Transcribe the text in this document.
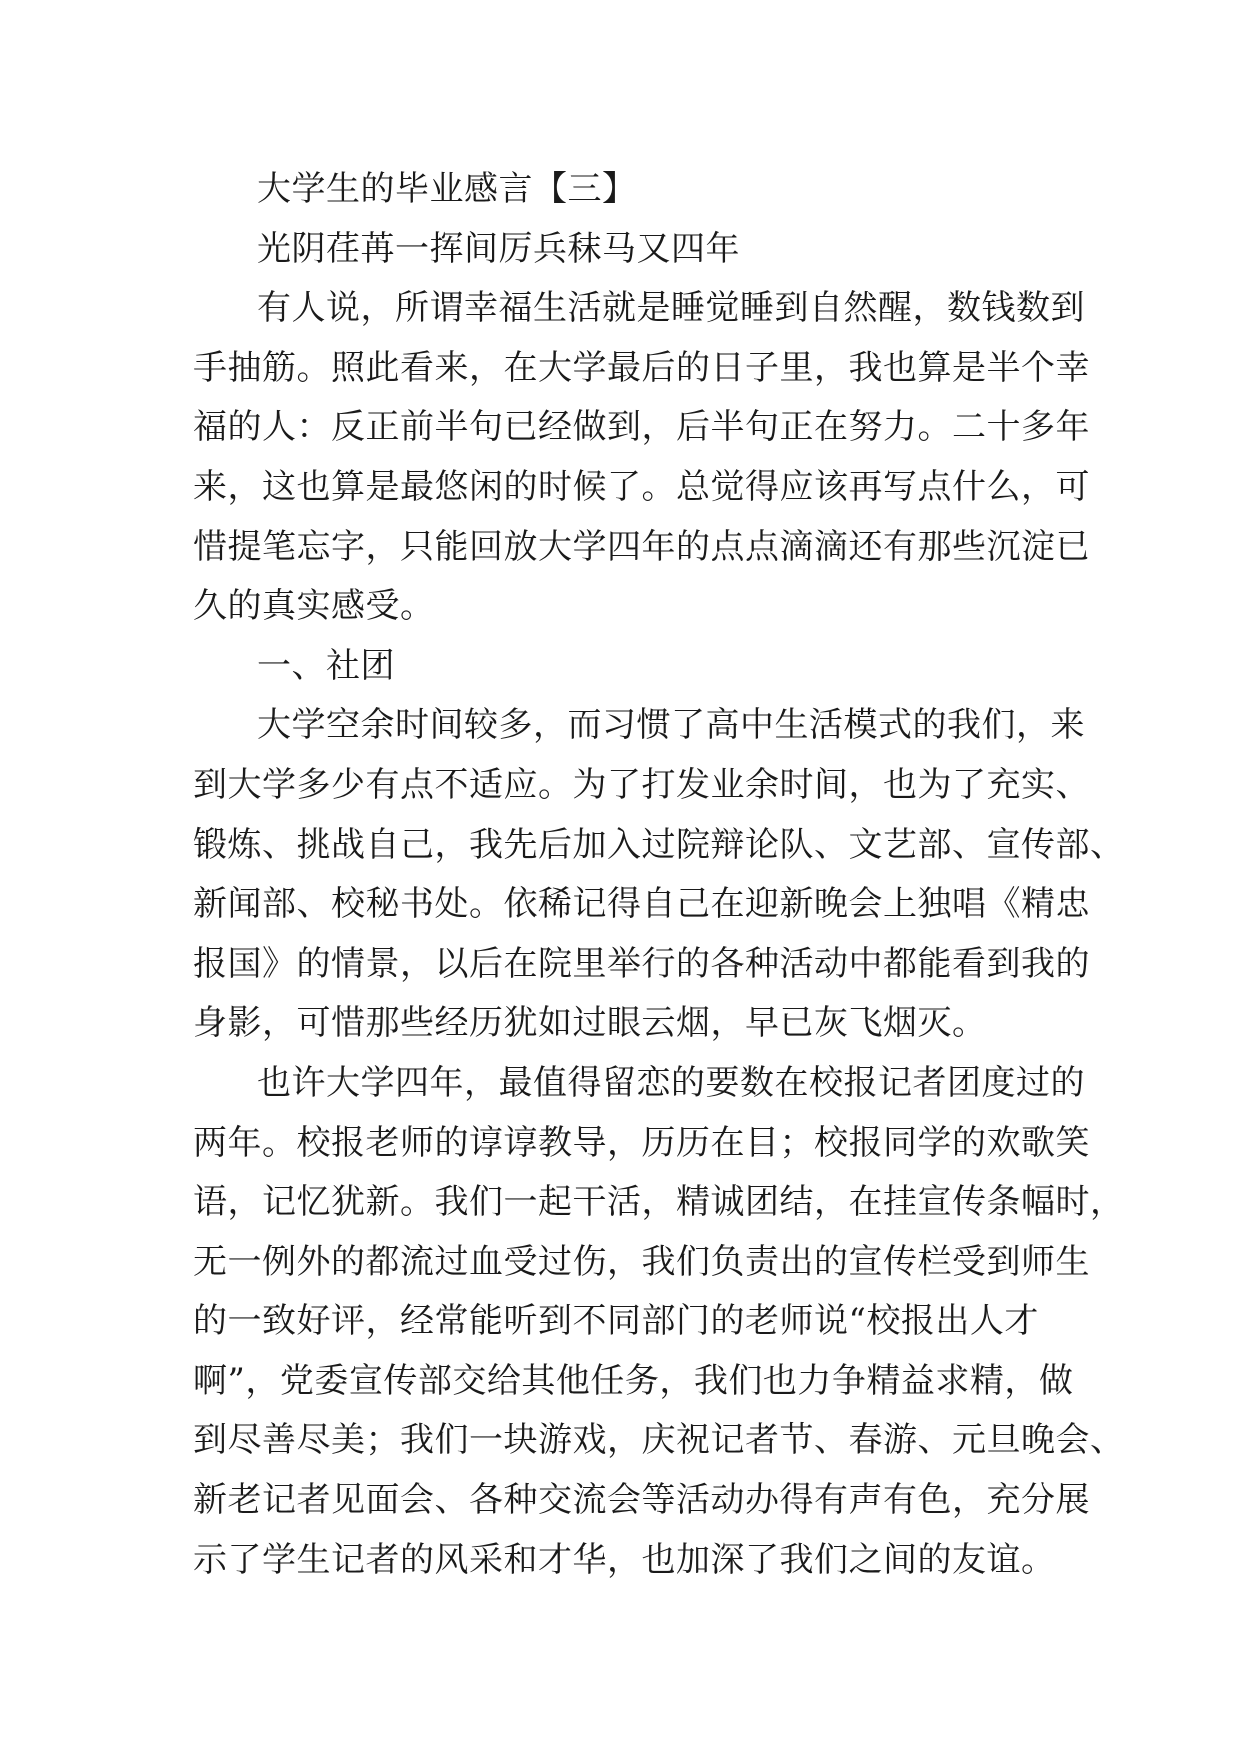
大学生的毕业感言【三】
光阴荏苒一挥间厉兵秣马又四年
有人说，所谓幸福生活就是睡觉睡到自然醒，数钱数到
手抽筋。照此看来，在大学最后的日子里，我也算是半个幸
福的人：反正前半句已经做到，后半句正在努力。二十多年
来，这也算是最悠闲的时候了。总觉得应该再写点什么，可
惜提笔忘字，只能回放大学四年的点点滴滴还有那些沉淀已
久的真实感受。
一、社团
大学空余时间较多，而习惯了高中生活模式的我们，来
到大学多少有点不适应。为了打发业余时间，也为了充实、
锻炼、挑战自己，我先后加入过院辩论队、文艺部、宣传部、
新闻部、校秘书处。依稀记得自己在迎新晚会上独唱《精忠
报国》的情景，以后在院里举行的各种活动中都能看到我的
身影，可惜那些经历犹如过眼云烟，早已灰飞烟灭。
也许大学四年，最值得留恋的要数在校报记者团度过的
两年。校报老师的谆谆教导，历历在目；校报同学的欢歌笑
语，记忆犹新。我们一起干活，精诚团结，在挂宣传条幅时，
无一例外的都流过血受过伤，我们负责出的宣传栏受到师生
的一致好评，经常能听到不同部门的老师说“校报出人才
啊”，党委宣传部交给其他任务，我们也力争精益求精，做
到尽善尽美；我们一块游戏，庆祝记者节、春游、元旦晚会、
新老记者见面会、各种交流会等活动办得有声有色，充分展
示了学生记者的风采和才华，也加深了我们之间的友谊。
